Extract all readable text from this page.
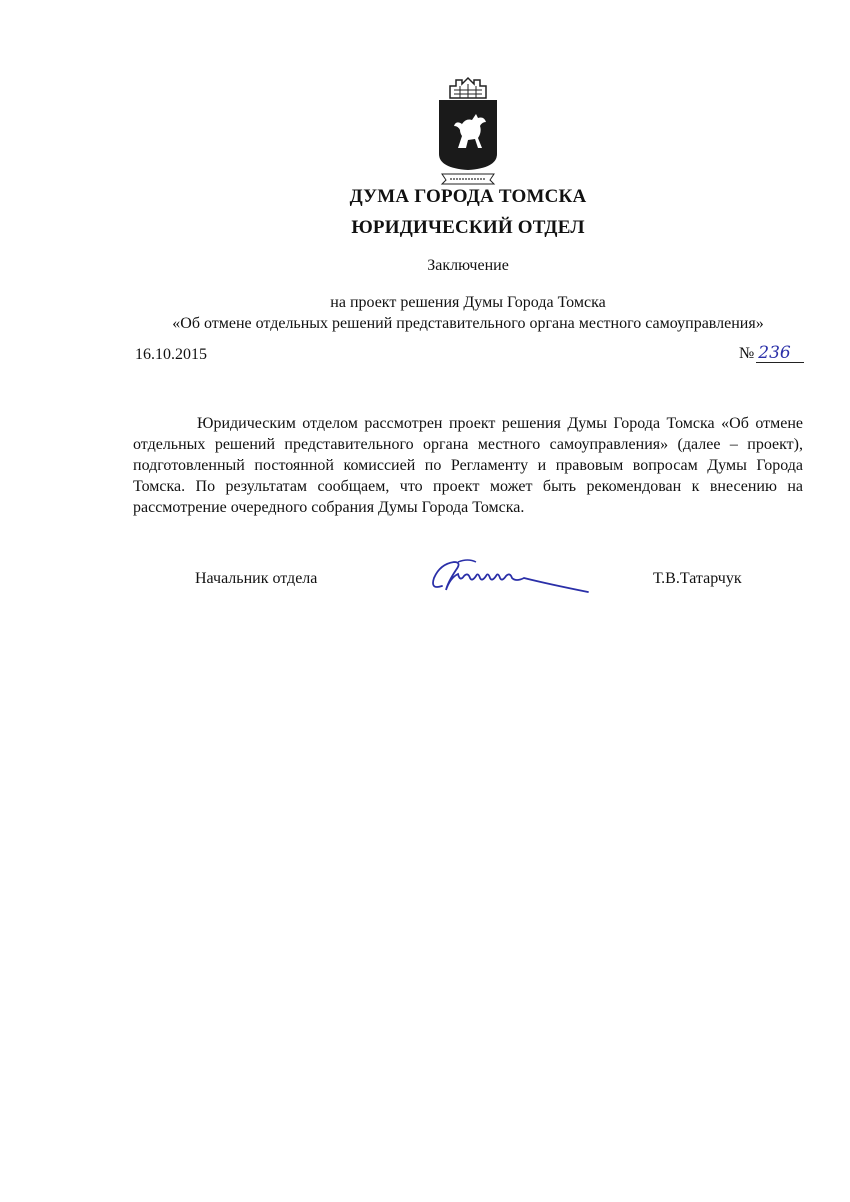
ДУМА ГОРОДА ТОМСКА
ЮРИДИЧЕСКИЙ ОТДЕЛ
Заключение
на проект решения Думы Города Томска
«Об отмене отдельных решений представительного органа местного самоуправления»
16.10.2015	№ 236
Юридическим отделом рассмотрен проект решения Думы Города Томска «Об отмене отдельных решений представительного органа местного самоуправления» (далее – проект), подготовленный постоянной комиссией по Регламенту и правовым вопросам Думы Города Томска. По результатам сообщаем, что проект может быть рекомендован к внесению на рассмотрение очередного собрания Думы Города Томска.
Начальник отдела	Т.В.Татарчук
